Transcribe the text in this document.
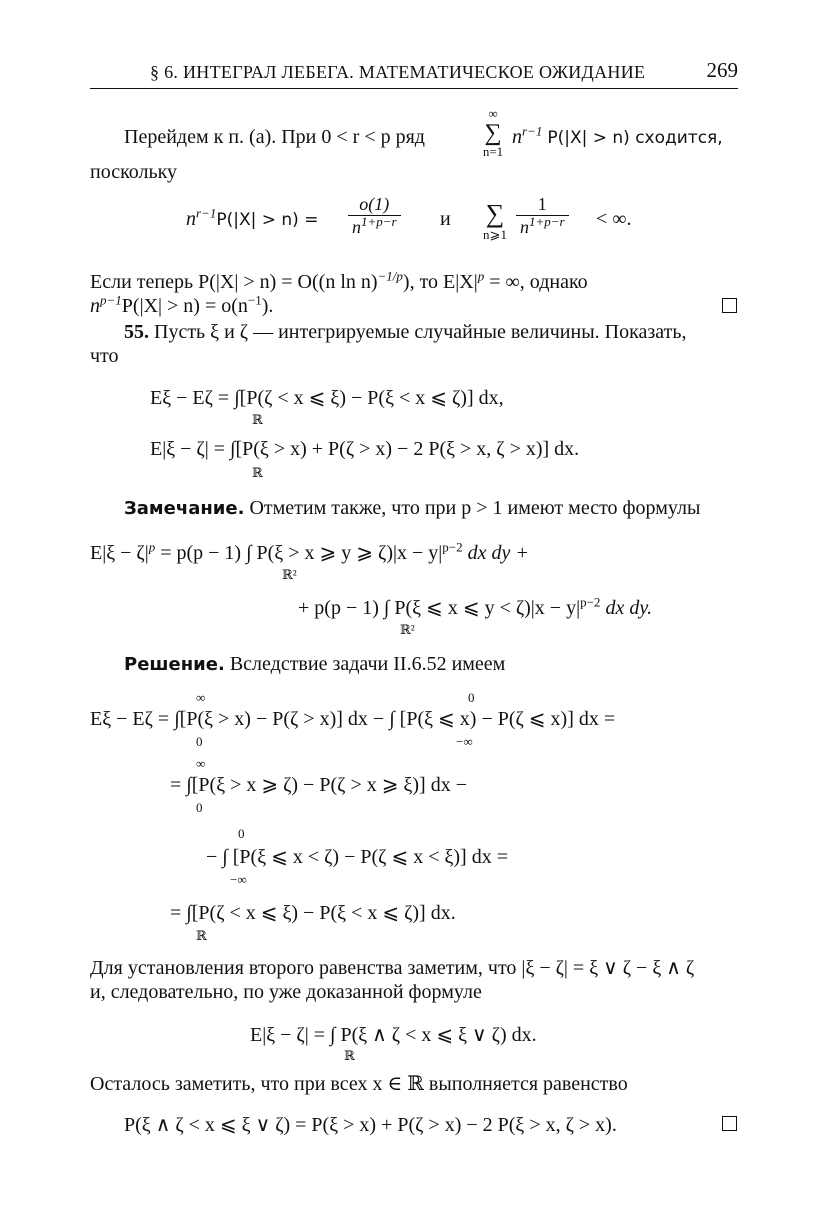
§ 6. ИНТЕГРАЛ ЛЕБЕГА. МАТЕМАТИЧЕСКОЕ ОЖИДАНИЕ	269
Перейдем к п. (а). При 0 < r < p ряд
∞
∑
n=1
$n^{r-1}$ P(|X| > n) сходится,
поскольку
$n^{r-1}P(|X| > n) = \frac{o(1)}{n^{1+p-r}}$ и ∑
n⩾1 $\frac{1}{n^{1+p-r}}$ < ∞.
Если теперь P(|X| > n) = O((n ln n)$^{-1/p}$), то $E|X|^p$ = ∞, однако
$n^{p-1}P(|X| > n) = o(n^{-1})$.
55. Пусть ξ и ζ — интегрируемые случайные величины. Показать,
что
Eξ − Eζ = ∫[P(ζ < x ⩽ ξ) − P(ξ < x ⩽ ζ)] dx,
ℝ
E|ξ − ζ| = ∫[P(ξ > x) + P(ζ > x) − 2 P(ξ > x, ζ > x)] dx.
ℝ
Замечание. Отметим также, что при p > 1 имеют место формулы
$E|\xi - \zeta|^p = p(p - 1)$ ∫ P(ξ > x ⩾ y ⩾ $\zeta)|x - y|^{p-2}$ dx dy +
ℝ²
+ p(p − 1) ∫ P(ξ ⩽ x ⩽ $y < \zeta)|x - y|^{p-2}$ dx dy.
ℝ²
Решение. Вследствие задачи II.6.52 имеем
∞	0
Eξ − Eζ = ∫[P(ξ > x) − P(ζ > x)] dx − ∫ [P(ξ ⩽ x) − P(ζ ⩽ x)] dx =
0	−∞
∞
= ∫[P(ξ > x ⩾ ζ) − P(ζ > x ⩾ ξ)] dx −
0
0
− ∫ [P(ξ ⩽ x < ζ) − P(ζ ⩽ x < ξ)] dx =
−∞
= ∫[P(ζ < x ⩽ ξ) − P(ξ < x ⩽ ζ)] dx.
ℝ
Для установления второго равенства заметим, что |ξ − ζ| = ξ ∨ ζ − ξ ∧ ζ
и, следовательно, по уже доказанной формуле
E|ξ − ζ| = ∫ P(ξ ∧ ζ < x ⩽ ξ ∨ ζ) dx.
ℝ
Осталось заметить, что при всех x ∈ ℝ выполняется равенство
P(ξ ∧ ζ < x ⩽ ξ ∨ ζ) = P(ξ > x) + P(ζ > x) − 2 P(ξ > x, ζ > x).
